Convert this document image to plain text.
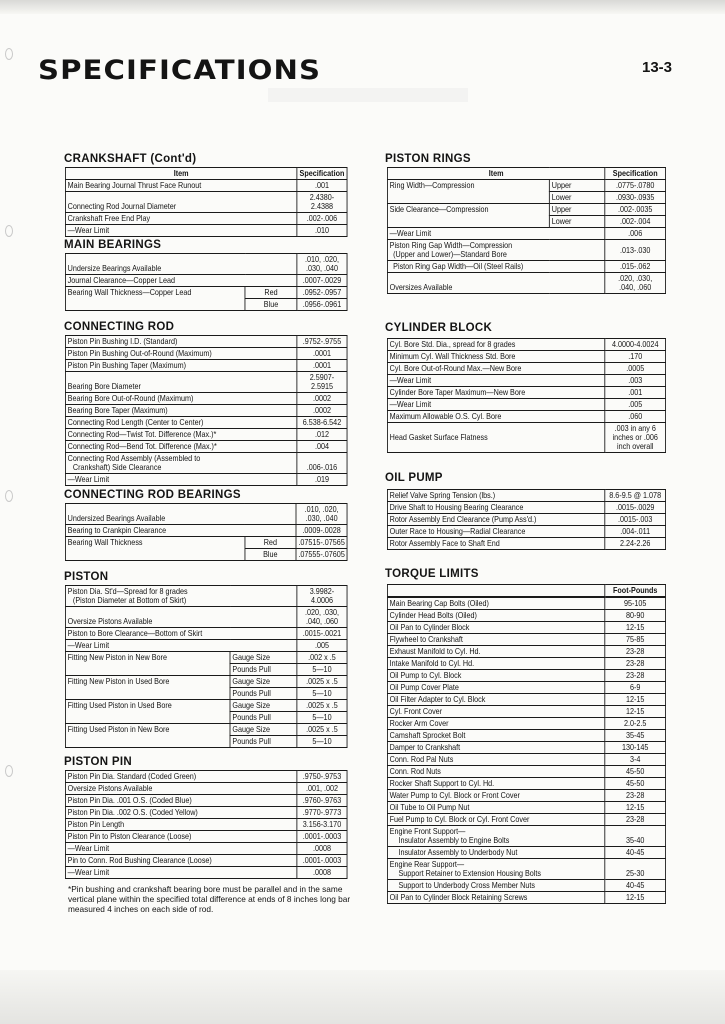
SPECIFICATIONS	13-3
CRANKSHAFT (Cont'd)
Item	Specification
Main Bearing Journal Thrust Face Runout	.001
Connecting Rod Journal Diameter	2.4380-2.4388
Crankshaft Free End Play	.002-.006
—Wear Limit	.010
MAIN BEARINGS
Undersize Bearings Available		.010, .020,
.030, .040

Journal Clearance—Copper Lead		.0007-.0029
Bearing Wall Thickness—Copper Lead	Red	.0952-.0957
	Blue	.0956-.0961
CONNECTING ROD
Piston Pin Bushing I.D. (Standard)	.9752-.9755
Piston Pin Bushing Out-of-Round (Maximum)	.0001
Piston Pin Bushing Taper (Maximum)	.0001
Bearing Bore Diameter	2.5907-2.5915
Bearing Bore Out-of-Round (Maximum)	.0002
Bearing Bore Taper (Maximum)	.0002
Connecting Rod Length (Center to Center)	6.538-6.542
Connecting Rod—Twist Tot. Difference (Max.)*	.012
Connecting Rod—Bend Tot. Difference (Max.)*	.004

Connecting Rod Assembly (Assembled to
Crankshaft) Side Clearance	.006-.016
—Wear Limit	.019
CONNECTING ROD BEARINGS
Undersized Bearings Available		.010, .020,
.030, .040

Bearing to Crankpin Clearance		.0009-.0028
Bearing Wall Thickness	Red	.07515-.07565
	Blue	.07555-.07605
PISTON
Piston Dia. St'd—Spread for 8 grades
(Piston Diameter at Bottom of Skirt)		3.9982-4.0006
Oversize Pistons Available		.020, .030,
.040, .060

Piston to Bore Clearance—Bottom of Skirt		.0015-.0021
—Wear Limit		.005
Fitting New Piston in New Bore	Gauge Size	.002 x .5
	Pounds Pull	5—10
Fitting New Piston in Used Bore	Gauge Size	.0025 x .5
	Pounds Pull	5—10
Fitting Used Piston in Used Bore	Gauge Size	.0025 x .5
	Pounds Pull	5—10
Fitting Used Piston in New Bore	Gauge Size	.0025 x .5
	Pounds Pull	5—10
PISTON PIN
Piston Pin Dia. Standard (Coded Green)	.9750-.9753
Oversize Pistons Available	.001, .002
Piston Pin Dia. .001 O.S. (Coded Blue)	.9760-.9763
Piston Pin Dia. .002 O.S. (Coded Yellow)	.9770-.9773
Piston Pin Length	3.156-3.170
Piston Pin to Piston Clearance (Loose)	.0001-.0003
—Wear Limit	.0008
Pin to Conn. Rod Bushing Clearance (Loose)	.0001-.0003
—Wear Limit	.0008
*Pin bushing and crankshaft bearing bore must be parallel and in the same vertical plane within the specified total difference at ends of 8 inches long bar measured 4 inches on each side of rod.
PISTON RINGS
Item		Specification
Ring Width—Compression	Upper	.0775-.0780
	Lower	.0930-.0935
Side Clearance—Compression	Upper	.002-.0035
	Lower	.002-.004
—Wear Limit		.006

Piston Ring Gap Width—Compression
(Upper and Lower)—Standard Bore		.013-.030
Piston Ring Gap Width—Oil (Steel Rails)		.015-.062
Oversizes Available		.020, .030,
.040, .060
CYLINDER BLOCK
Cyl. Bore Std. Dia., spread for 8 grades	4.0000-4.0024
Minimum Cyl. Wall Thickness Std. Bore	.170
Cyl. Bore Out-of-Round Max.—New Bore	.0005
—Wear Limit	.003
Cylinder Bore Taper Maximum—New Bore	.001
—Wear Limit	.005
Maximum Allowable O.S. Cyl. Bore	.060
Head Gasket Surface Flatness	.003 in any 6
inches or .006
inch overall
OIL PUMP
Relief Valve Spring Tension (lbs.)	8.6-9.5 @ 1.078
Drive Shaft to Housing Bearing Clearance	.0015-.0029
Rotor Assembly End Clearance (Pump Ass'd.)	.0015-.003
Outer Race to Housing—Radial Clearance	.004-.011
Rotor Assembly Face to Shaft End	2.24-2.26
TORQUE LIMITS
	Foot-Pounds
Main Bearing Cap Bolts (Oiled)	95-105
Cylinder Head Bolts (Oiled)	80-90
Oil Pan to Cylinder Block	12-15
Flywheel to Crankshaft	75-85
Exhaust Manifold to Cyl. Hd.	23-28
Intake Manifold to Cyl. Hd.	23-28
Oil Pump to Cyl. Block	23-28
Oil Pump Cover Plate	6-9
Oil Filter Adapter to Cyl. Block	12-15
Cyl. Front Cover	12-15
Rocker Arm Cover	2.0-2.5
Camshaft Sprocket Bolt	35-45
Damper to Crankshaft	130-145
Conn. Rod Pal Nuts	3-4
Conn. Rod Nuts	45-50
Rocker Shaft Support to Cyl. Hd.	45-50
Water Pump to Cyl. Block or Front Cover	23-28
Oil Tube to Oil Pump Nut	12-15
Fuel Pump to Cyl. Block or Cyl. Front Cover	23-28

Engine Front Support—
Insulator Assembly to Engine Bolts	35-40
Insulator Assembly to Underbody Nut	40-45

Engine Rear Support—
Support Retainer to Extension Housing Bolts	25-30
Support to Underbody Cross Member Nuts	40-45
Oil Pan to Cylinder Block Retaining Screws	12-15
